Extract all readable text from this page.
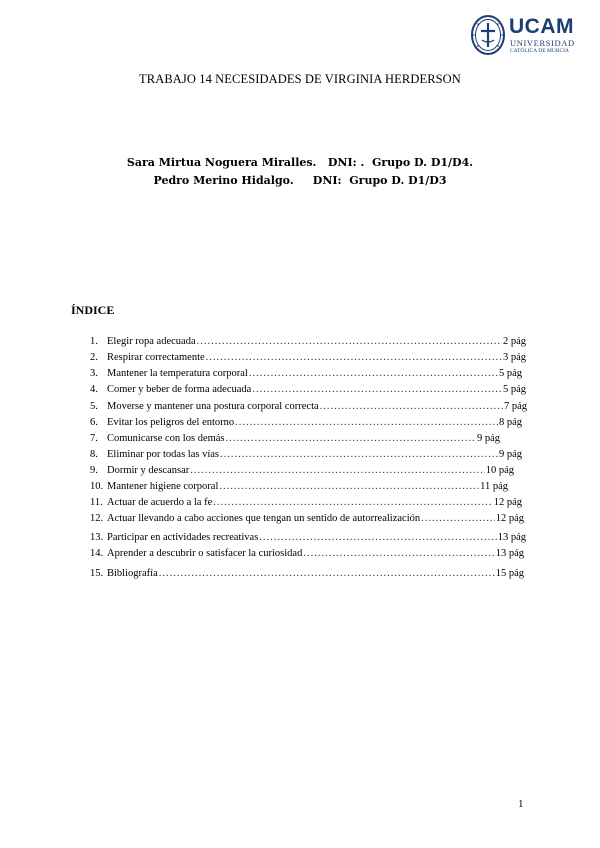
UCAM
UNIVERSIDAD
CATÓLICA DE MURCIA
TRABAJO 14 NECESIDADES DE VIRGINIA HERDERSON
Sara Mirtua Noguera Miralles.   DNI: .  Grupo D. D1/D4.
Pedro Merino Hidalgo.     DNI:  Grupo D. D1/D3
ÍNDICE
1. Elegir ropa adecuada .....	2 pág
2. Respirar correctamente .....	3 pág
3. Mantener la temperatura corporal .....	5 pág
4. Comer y beber de forma adecuada .....	5 pág
5. Moverse y mantener una postura corporal correcta .....	7 pág
6. Evitar los peligros del entorno .....	8 pág
7. Comunicarse con los demás .....	9 pág
8. Eliminar por todas las vías .....	9 pág
9. Dormir y descansar .....	10 pág
10. Mantener higiene corporal .....	11 pág
11. Actuar de acuerdo a la fe .....	12 pág
12. Actuar llevando a cabo acciones que tengan un sentido de autorrealización .....	12 pág
13. Participar en actividades recreativas .....	13 pág
14. Aprender a descubrir o satisfacer la curiosidad .....	13 pág
15. Bibliografía .....	15 pág
1
